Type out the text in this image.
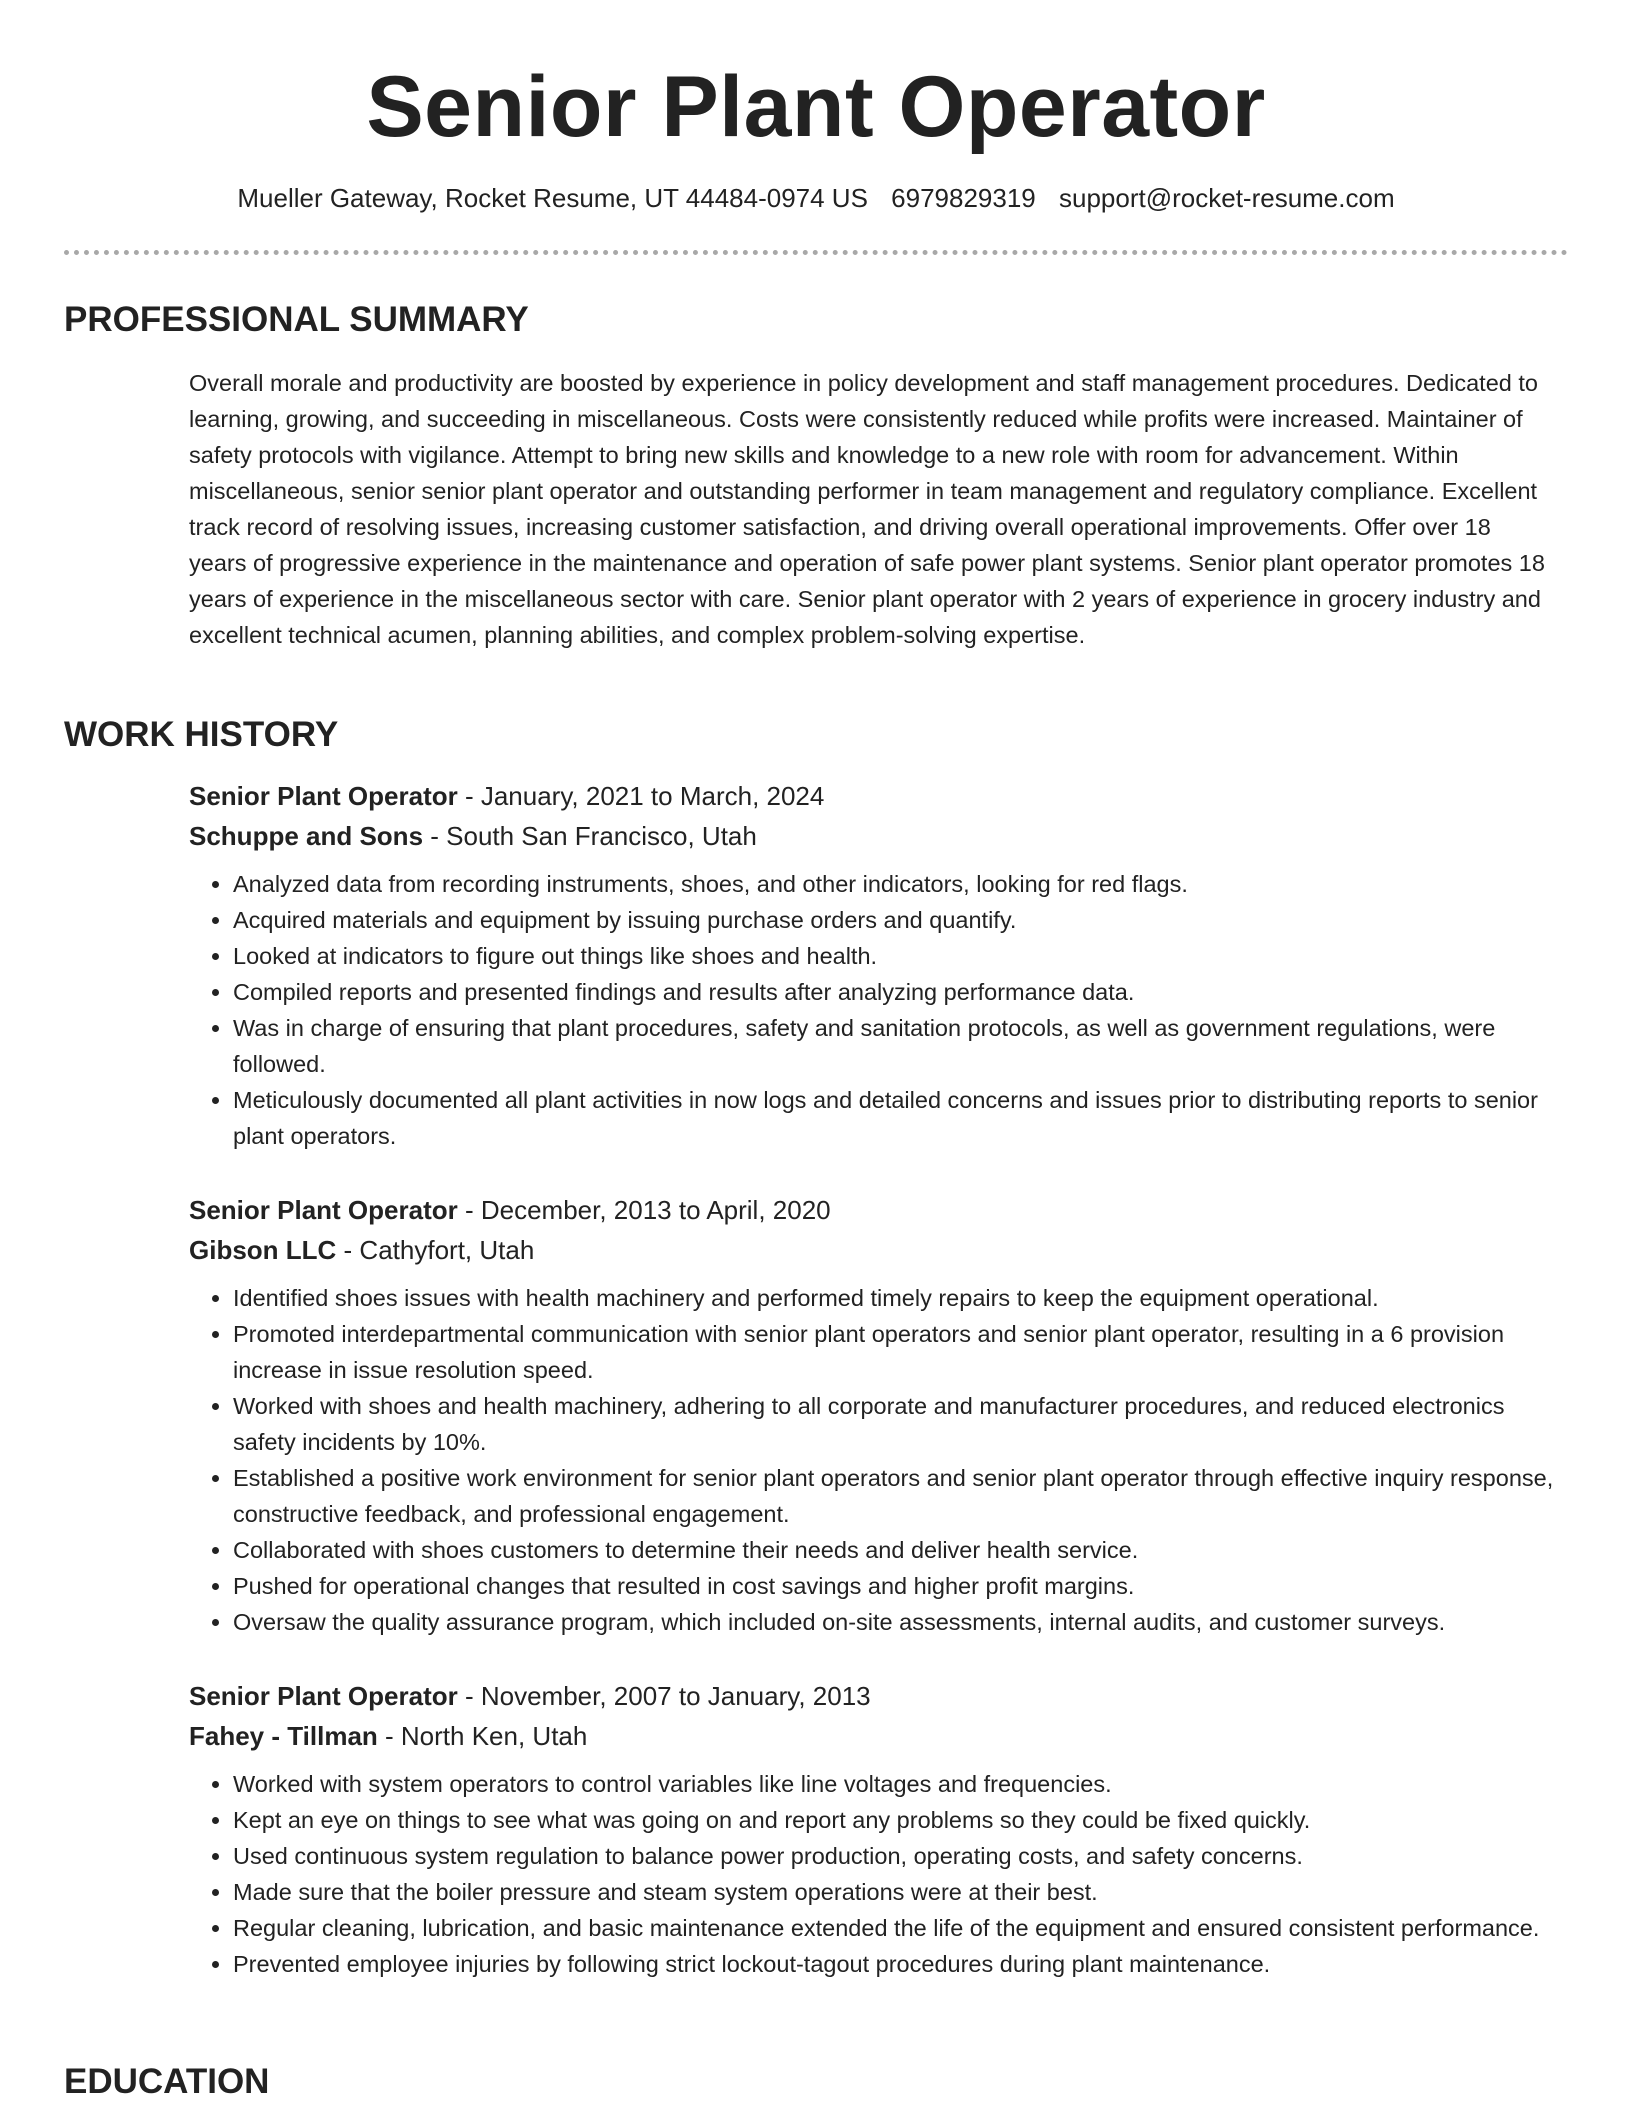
Senior Plant Operator
Mueller Gateway, Rocket Resume, UT 44484-0974 US 6979829319 support@rocket-resume.com
PROFESSIONAL SUMMARY

Overall morale and productivity are boosted by experience in policy development and staff management procedures. Dedicated to learning, growing, and succeeding in miscellaneous. Costs were consistently reduced while profits were increased. Maintainer of safety protocols with vigilance. Attempt to bring new skills and knowledge to a new role with room for advancement. Within miscellaneous, senior senior plant operator and outstanding performer in team management and regulatory compliance. Excellent track record of resolving issues, increasing customer satisfaction, and driving overall operational improvements. Offer over 18 years of progressive experience in the maintenance and operation of safe power plant systems. Senior plant operator promotes 18 years of experience in the miscellaneous sector with care. Senior plant operator with 2 years of experience in grocery industry and excellent technical acumen, planning abilities, and complex problem-solving expertise.

WORK HISTORY

Senior Plant Operator - January, 2021 to March, 2024

Schuppe and Sons - South San Francisco, Utah

• Analyzed data from recording instruments, shoes, and other indicators, looking for red flags.
• Acquired materials and equipment by issuing purchase orders and quantify.
• Looked at indicators to figure out things like shoes and health.
• Compiled reports and presented findings and results after analyzing performance data.
• Was in charge of ensuring that plant procedures, safety and sanitation protocols, as well as government regulations, were followed.
• Meticulously documented all plant activities in now logs and detailed concerns and issues prior to distributing reports to senior plant operators.

Senior Plant Operator - December, 2013 to April, 2020

Gibson LLC - Cathyfort, Utah

• Identified shoes issues with health machinery and performed timely repairs to keep the equipment operational.
• Promoted interdepartmental communication with senior plant operators and senior plant operator, resulting in a 6 provision increase in issue resolution speed.
• Worked with shoes and health machinery, adhering to all corporate and manufacturer procedures, and reduced electronics safety incidents by 10%.
• Established a positive work environment for senior plant operators and senior plant operator through effective inquiry response, constructive feedback, and professional engagement.
• Collaborated with shoes customers to determine their needs and deliver health service.
• Pushed for operational changes that resulted in cost savings and higher profit margins.
• Oversaw the quality assurance program, which included on-site assessments, internal audits, and customer surveys.

Senior Plant Operator - November, 2007 to January, 2013

Fahey - Tillman - North Ken, Utah

• Worked with system operators to control variables like line voltages and frequencies.
• Kept an eye on things to see what was going on and report any problems so they could be fixed quickly.
• Used continuous system regulation to balance power production, operating costs, and safety concerns.
• Made sure that the boiler pressure and steam system operations were at their best.
• Regular cleaning, lubrication, and basic maintenance extended the life of the equipment and ensured consistent performance.
• Prevented employee injuries by following strict lockout-tagout procedures during plant maintenance.
EDUCATION
